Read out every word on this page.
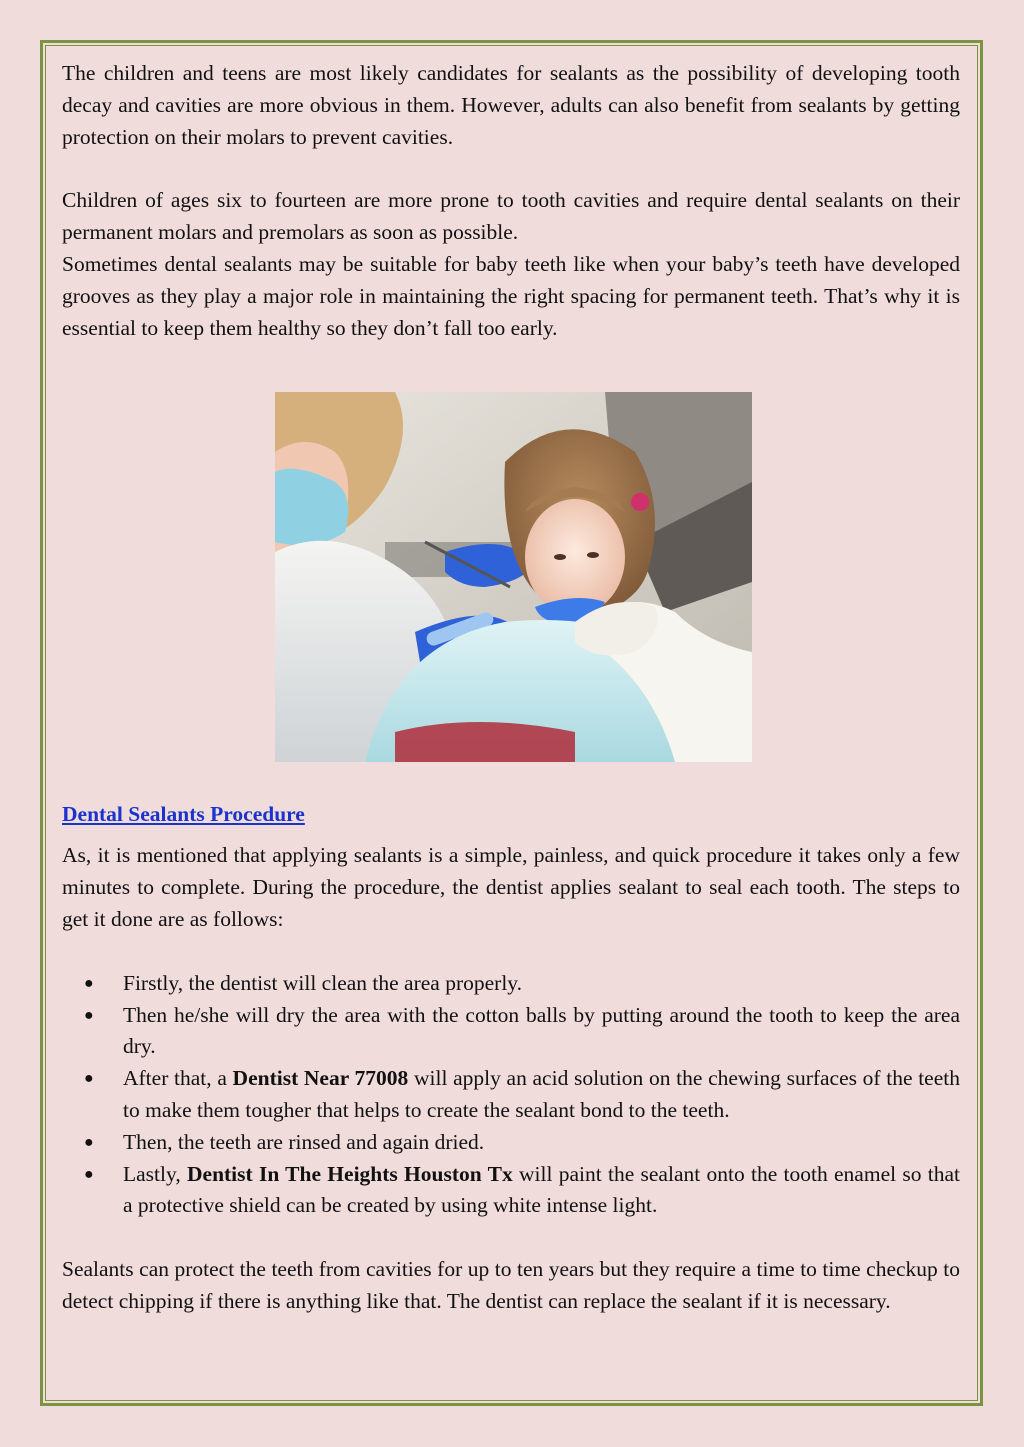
The children and teens are most likely candidates for sealants as the possibility of developing tooth decay and cavities are more obvious in them. However, adults can also benefit from sealants by getting protection on their molars to prevent cavities.

Children of ages six to fourteen are more prone to tooth cavities and require dental sealants on their permanent molars and premolars as soon as possible.

Sometimes dental sealants may be suitable for baby teeth like when your baby’s teeth have developed grooves as they play a major role in maintaining the right spacing for permanent teeth. That’s why it is essential to keep them healthy so they don’t fall too early.

Dental Sealants Procedure

As, it is mentioned that applying sealants is a simple, painless, and quick procedure it takes only a few minutes to complete. During the procedure, the dentist applies sealant to seal each tooth. The steps to get it done are as follows:

● Firstly, the dentist will clean the area properly.
● Then he/she will dry the area with the cotton balls by putting around the tooth to keep the area dry.
● After that, a Dentist Near 77008 will apply an acid solution on the chewing surfaces of the teeth to make them tougher that helps to create the sealant bond to the teeth.
● Then, the teeth are rinsed and again dried.
● Lastly, Dentist In The Heights Houston Tx will paint the sealant onto the tooth enamel so that a protective shield can be created by using white intense light.

Sealants can protect the teeth from cavities for up to ten years but they require a time to time checkup to detect chipping if there is anything like that. The dentist can replace the sealant if it is necessary.
